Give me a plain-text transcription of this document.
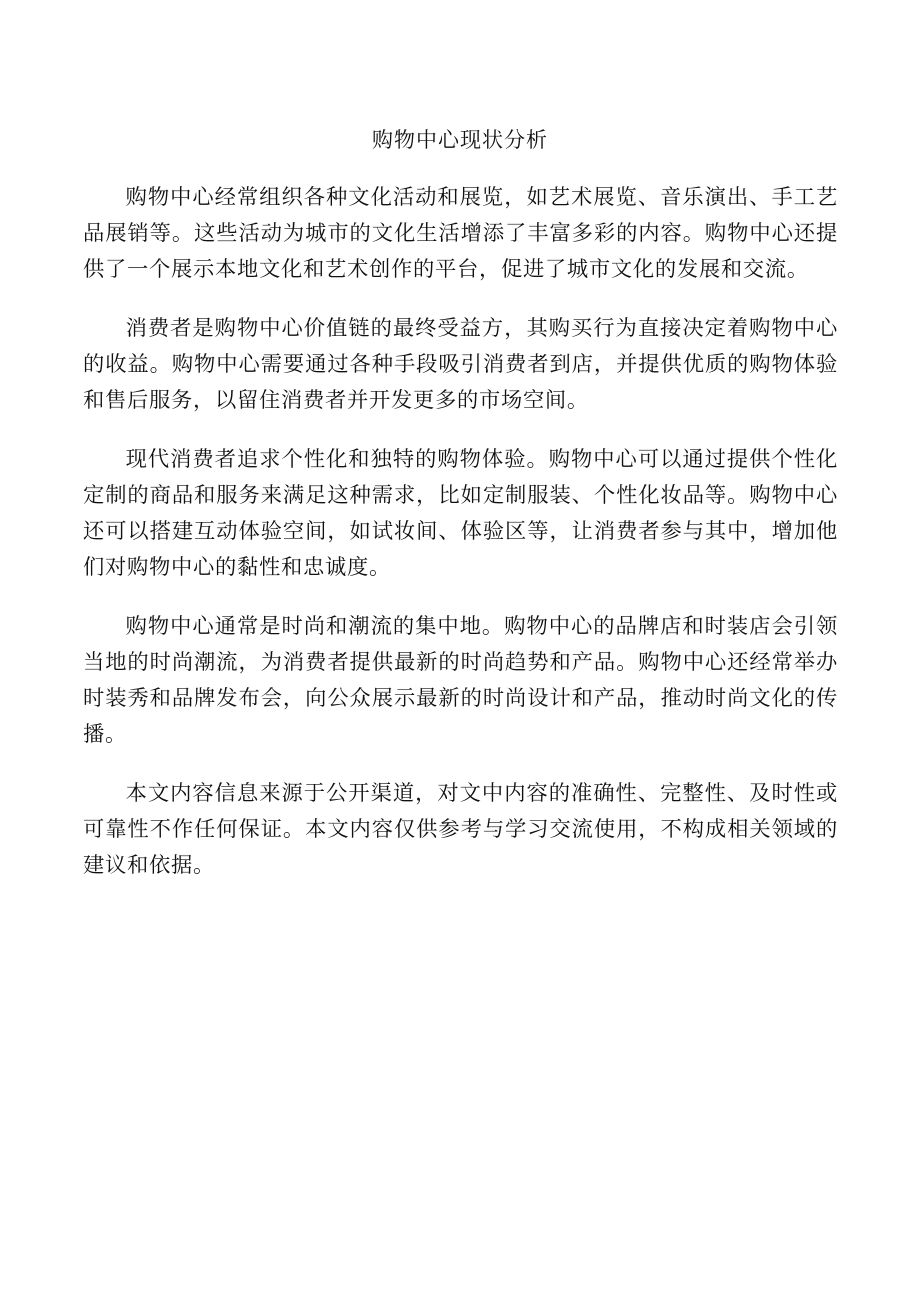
购物中心现状分析

购物中心经常组织各种文化活动和展览，如艺术展览、音乐演出、手工艺品展销等。这些活动为城市的文化生活增添了丰富多彩的内容。购物中心还提供了一个展示本地文化和艺术创作的平台，促进了城市文化的发展和交流。

消费者是购物中心价值链的最终受益方，其购买行为直接决定着购物中心的收益。购物中心需要通过各种手段吸引消费者到店，并提供优质的购物体验和售后服务，以留住消费者并开发更多的市场空间。

现代消费者追求个性化和独特的购物体验。购物中心可以通过提供个性化定制的商品和服务来满足这种需求，比如定制服装、个性化妆品等。购物中心还可以搭建互动体验空间，如试妆间、体验区等，让消费者参与其中，增加他们对购物中心的黏性和忠诚度。

购物中心通常是时尚和潮流的集中地。购物中心的品牌店和时装店会引领当地的时尚潮流，为消费者提供最新的时尚趋势和产品。购物中心还经常举办时装秀和品牌发布会，向公众展示最新的时尚设计和产品，推动时尚文化的传播。

本文内容信息来源于公开渠道，对文中内容的准确性、完整性、及时性或可靠性不作任何保证。本文内容仅供参考与学习交流使用，不构成相关领域的建议和依据。
